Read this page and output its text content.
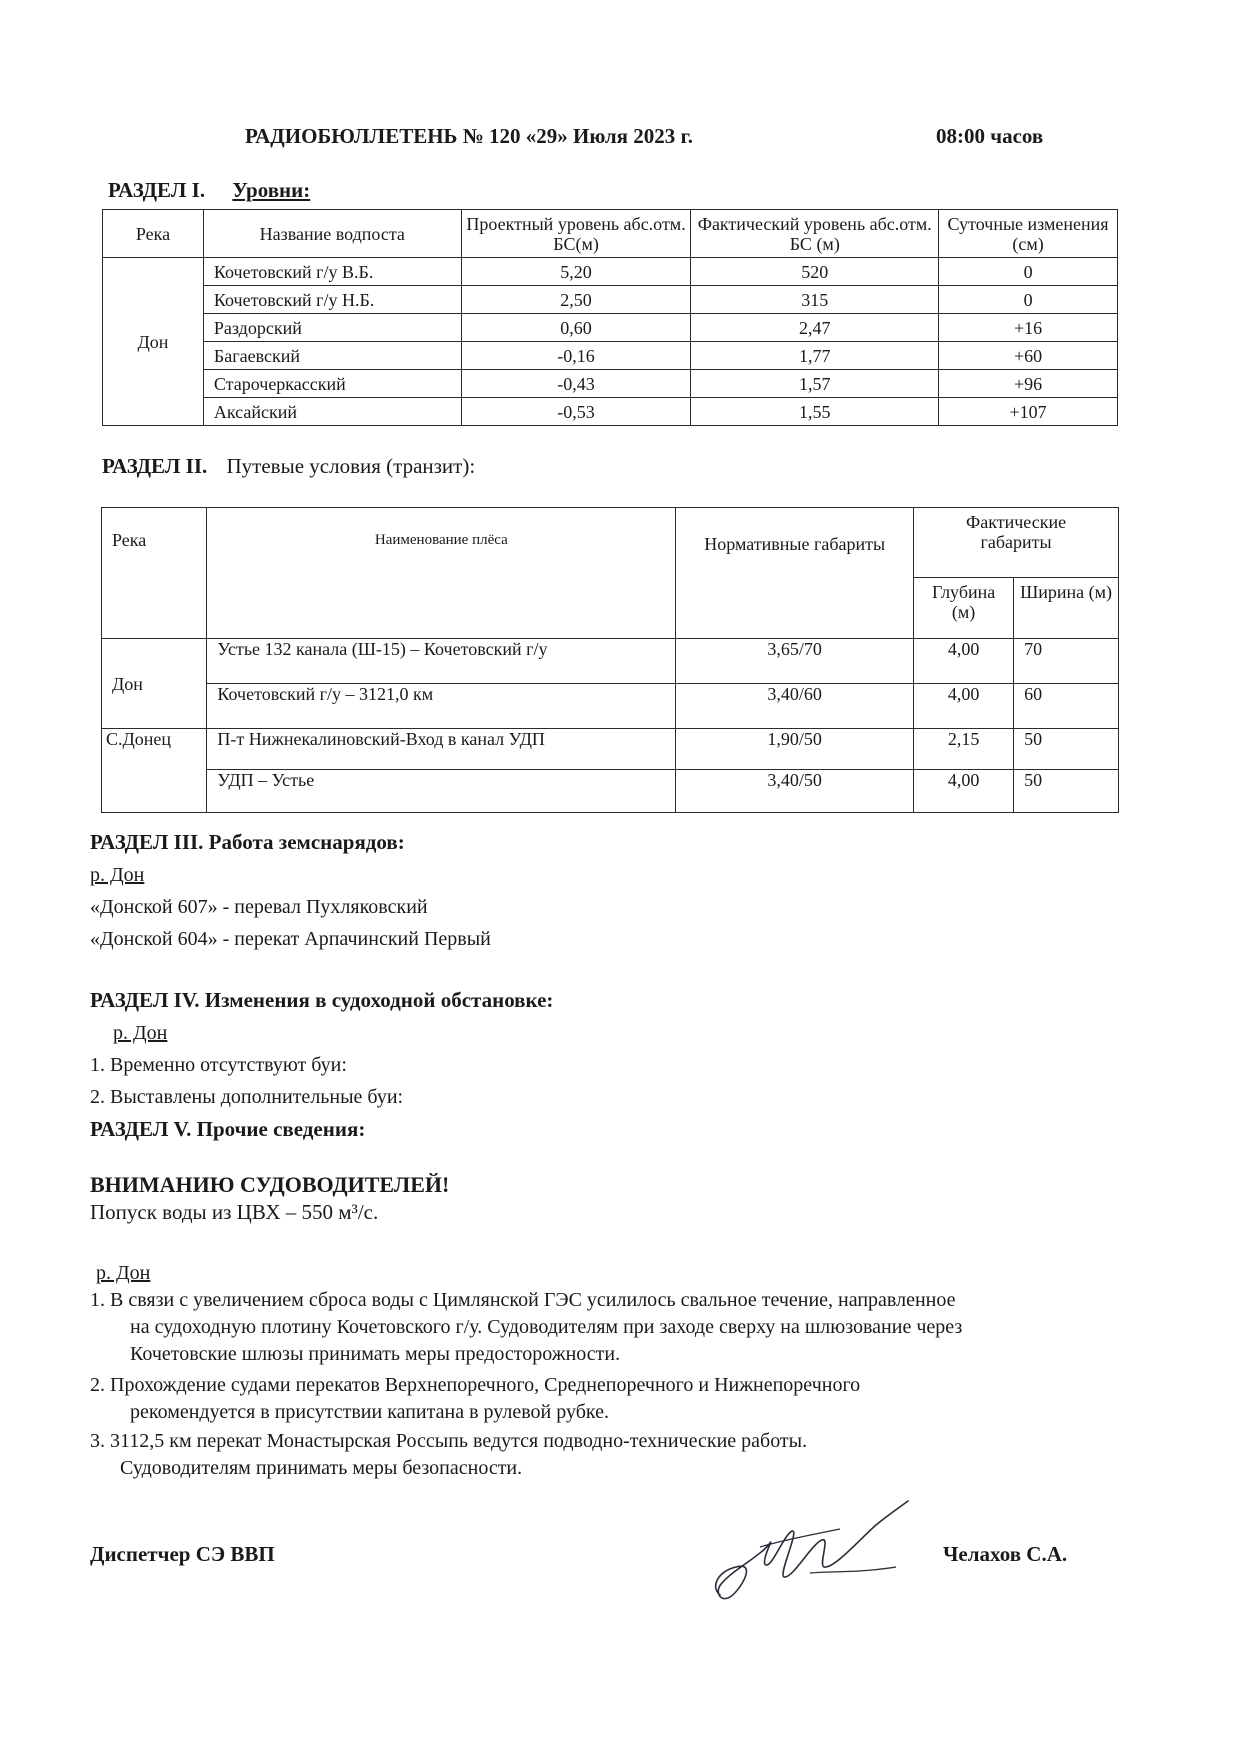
РАДИОБЮЛЛЕТЕНЬ № 120 «29» Июля 2023 г.	08:00 часов
РАЗДЕЛ I. Уровни:
Река	Название водпоста	Проектный уровень абс.отм. БС(м)	Фактический уровень абс.отм. БС (м)	Суточные изменения (см)
Дон	Кочетовский г/у В.Б.	5,20	520	0
	Кочетовский г/у Н.Б.	2,50	315	0
	Раздорский	0,60	2,47	+16
	Багаевский	-0,16	1,77	+60
	Старочеркасский	-0,43	1,57	+96
	Аксайский	-0,53	1,55	+107
РАЗДЕЛ II. Путевые условия (транзит):
Река	Наименование плёса	Нормативные габариты	Фактические габариты	
			Глубина (м)	Ширина (м)
Дон	Устье 132 канала (Ш-15) – Кочетовский г/у	3,65/70	4,00	70
	Кочетовский г/у – 3121,0 км	3,40/60	4,00	60
С.Донец	П-т Нижнекалиновский-Вход в канал УДП	1,90/50	2,15	50
	УДП – Устье	3,40/50	4,00	50
РАЗДЕЛ III. Работа земснарядов:
р. Дон
«Донской 607» - перевал Пухляковский
«Донской 604» - перекат Арпачинский Первый
РАЗДЕЛ IV. Изменения в судоходной обстановке:
р. Дон
1. Временно отсутствуют буи:
2. Выставлены дополнительные буи:
РАЗДЕЛ V. Прочие сведения:
ВНИМАНИЮ СУДОВОДИТЕЛЕЙ!
Попуск воды из ЦВХ – 550 м³/с.
р. Дон
1. В связи с увеличением сброса воды с Цимлянской ГЭС усилилось свальное течение, направленное
на судоходную плотину Кочетовского г/у. Судоводителям при заходе сверху на шлюзование через
Кочетовские шлюзы принимать меры предосторожности.
2. Прохождение судами перекатов Верхнепоречного, Среднепоречного и Нижнепоречного
рекомендуется в присутствии капитана в рулевой рубке.
3. 3112,5 км перекат Монастырская Россыпь ведутся подводно-технические работы.
Судоводителям принимать меры безопасности.
Диспетчер СЭ ВВП	Челахов С.А.
